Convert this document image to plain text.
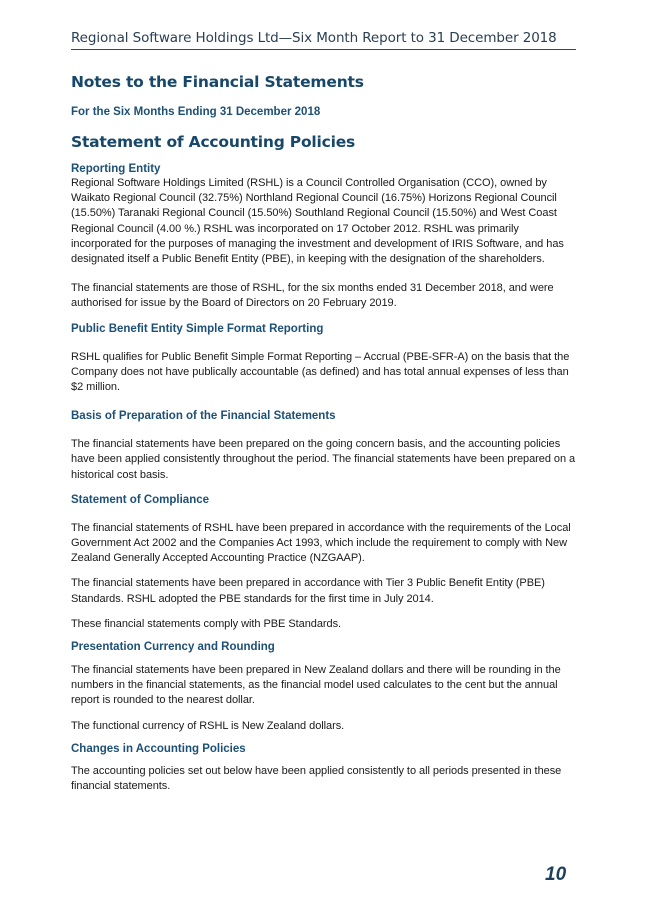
Regional Software Holdings Ltd—Six Month Report to 31 December 2018
Notes to the Financial Statements
For the Six Months Ending 31 December 2018
Statement of Accounting Policies
Reporting Entity

Regional Software Holdings Limited (RSHL) is a Council Controlled Organisation (CCO), owned by Waikato Regional Council (32.75%) Northland Regional Council (16.75%) Horizons Regional Council (15.50%) Taranaki Regional Council (15.50%) Southland Regional Council (15.50%) and West Coast Regional Council (4.00 %.) RSHL was incorporated on 17 October 2012. RSHL was primarily incorporated for the purposes of managing the investment and development of IRIS Software, and has designated itself a Public Benefit Entity (PBE), in keeping with the designation of the shareholders.

The financial statements are those of RSHL, for the six months ended 31 December 2018, and were authorised for issue by the Board of Directors on 20 February 2019.

Public Benefit Entity Simple Format Reporting

RSHL qualifies for Public Benefit Simple Format Reporting – Accrual (PBE-SFR-A) on the basis that the Company does not have publically accountable (as defined) and has total annual expenses of less than $2 million.

Basis of Preparation of the Financial Statements

The financial statements have been prepared on the going concern basis, and the accounting policies have been applied consistently throughout the period. The financial statements have been prepared on a historical cost basis.

Statement of Compliance

The financial statements of RSHL have been prepared in accordance with the requirements of the Local Government Act 2002 and the Companies Act 1993, which include the requirement to comply with New Zealand Generally Accepted Accounting Practice (NZGAAP).

The financial statements have been prepared in accordance with Tier 3 Public Benefit Entity (PBE) Standards. RSHL adopted the PBE standards for the first time in July 2014.

These financial statements comply with PBE Standards.

Presentation Currency and Rounding

The financial statements have been prepared in New Zealand dollars and there will be rounding in the numbers in the financial statements, as the financial model used calculates to the cent but the annual report is rounded to the nearest dollar.

The functional currency of RSHL is New Zealand dollars.

Changes in Accounting Policies

The accounting policies set out below have been applied consistently to all periods presented in these financial statements.

10
